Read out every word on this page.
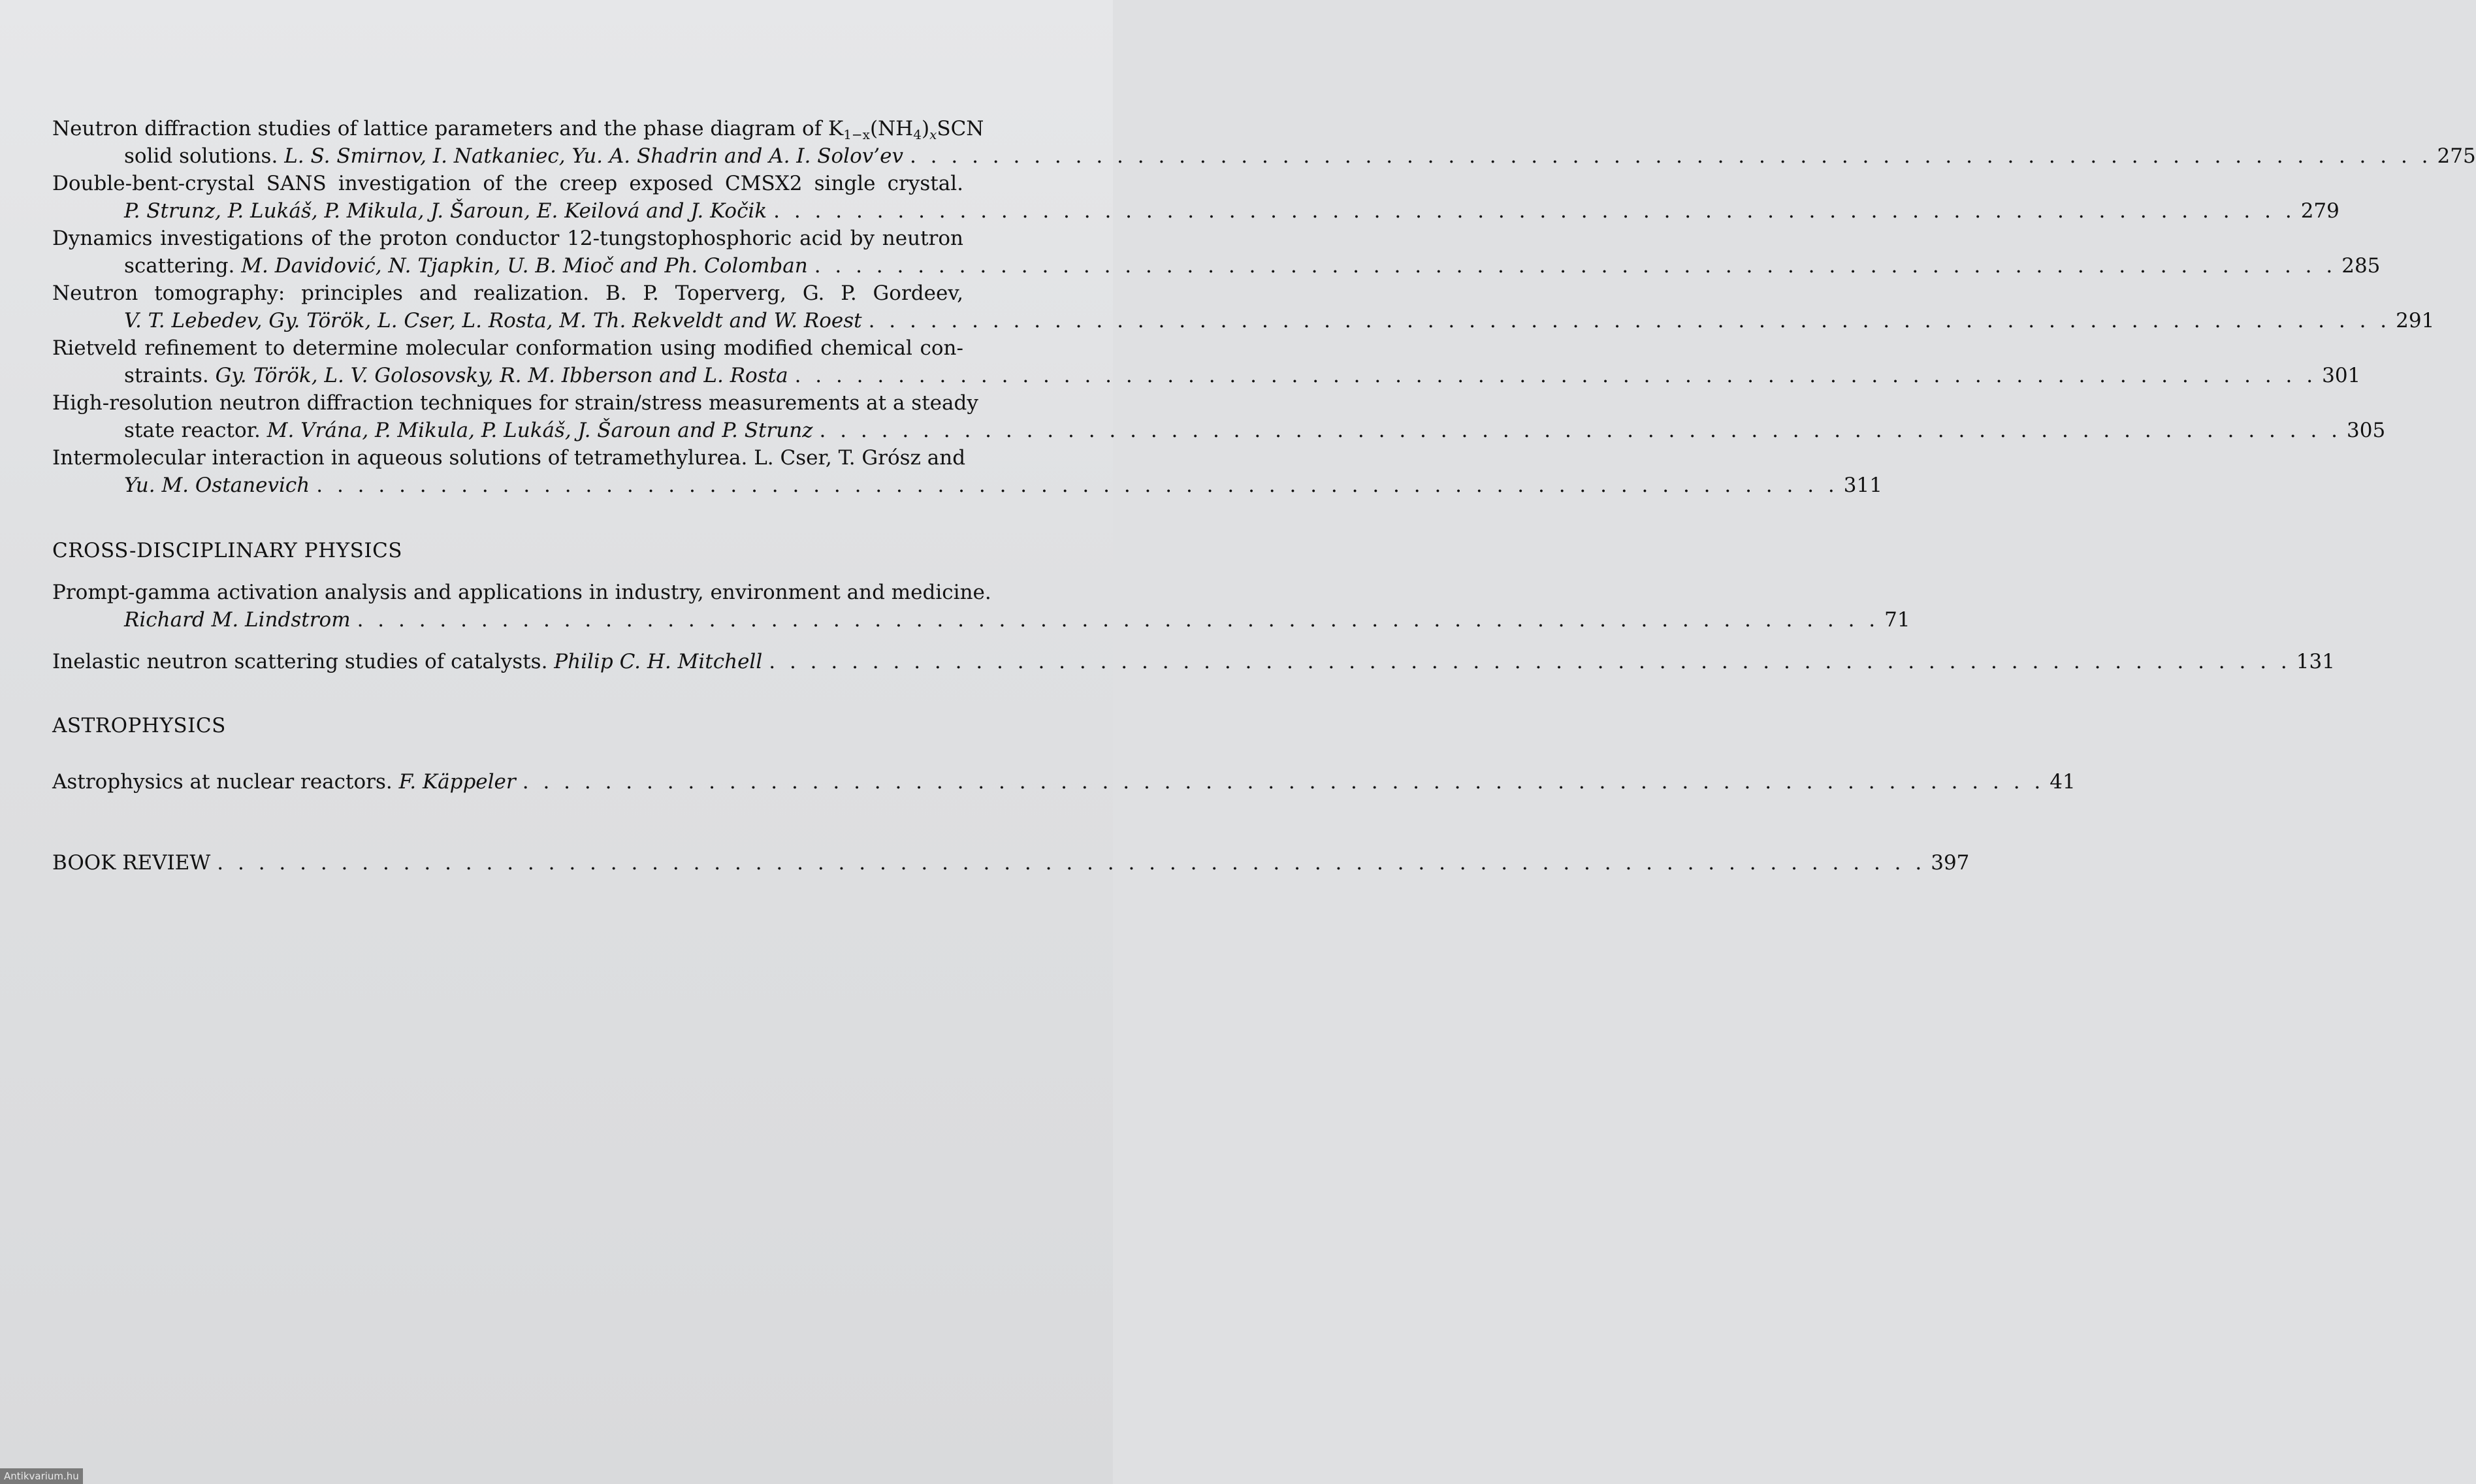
Neutron diffraction studies of lattice parameters and the phase diagram of $K_{1-x}(NH_4)_xSCN$
solid solutions. L. S. Smirnov, I. Natkaniec, Yu. A. Shadrin and A. I. Solov’ev . . . . . . . . . . . . . . . . . . . . . . . . . . . . . . . . . . . . . . . . . . . . . . . . . . . . . . . . . . . . . . . . . . . . . . . . . . 275
Double-bent-crystal SANS investigation of the creep exposed CMSX2 single crystal.
P. Strunz, P. Lukáš, P. Mikula, J. Šaroun, E. Keilová and J. Kočik . . . . . . . . . . . . . . . . . . . . . . . . . . . . . . . . . . . . . . . . . . . . . . . . . . . . . . . . . . . . . . . . . . . . . . . . . . 279
Dynamics investigations of the proton conductor 12-tungstophosphoric acid by neutron
scattering. M. Davidović, N. Tjapkin, U. B. Mioč and Ph. Colomban . . . . . . . . . . . . . . . . . . . . . . . . . . . . . . . . . . . . . . . . . . . . . . . . . . . . . . . . . . . . . . . . . . . . . . . . . . 285
Neutron tomography: principles and realization. B. P. Toperverg, G. P. Gordeev,
V. T. Lebedev, Gy. Török, L. Cser, L. Rosta, M. Th. Rekveldt and W. Roest . . . . . . . . . . . . . . . . . . . . . . . . . . . . . . . . . . . . . . . . . . . . . . . . . . . . . . . . . . . . . . . . . . . . . . . . . . 291
Rietveld refinement to determine molecular conformation using modified chemical con-
straints. Gy. Török, L. V. Golosovsky, R. M. Ibberson and L. Rosta . . . . . . . . . . . . . . . . . . . . . . . . . . . . . . . . . . . . . . . . . . . . . . . . . . . . . . . . . . . . . . . . . . . . . . . . . . 301
High-resolution neutron diffraction techniques for strain/stress measurements at a steady
state reactor. M. Vrána, P. Mikula, P. Lukáš, J. Šaroun and P. Strunz . . . . . . . . . . . . . . . . . . . . . . . . . . . . . . . . . . . . . . . . . . . . . . . . . . . . . . . . . . . . . . . . . . . . . . . . . . 305
Intermolecular interaction in aqueous solutions of tetramethylurea. L. Cser, T. Grósz and
Yu. M. Ostanevich . . . . . . . . . . . . . . . . . . . . . . . . . . . . . . . . . . . . . . . . . . . . . . . . . . . . . . . . . . . . . . . . . . . . . . . . . . 311
CROSS-DISCIPLINARY PHYSICS
Prompt-gamma activation analysis and applications in industry, environment and medicine.
Richard M. Lindstrom . . . . . . . . . . . . . . . . . . . . . . . . . . . . . . . . . . . . . . . . . . . . . . . . . . . . . . . . . . . . . . . . . . . . . . . . . . 71
Inelastic neutron scattering studies of catalysts. Philip C. H. Mitchell . . . . . . . . . . . . . . . . . . . . . . . . . . . . . . . . . . . . . . . . . . . . . . . . . . . . . . . . . . . . . . . . . . . . . . . . . . 131
ASTROPHYSICS
Astrophysics at nuclear reactors. F. Käppeler . . . . . . . . . . . . . . . . . . . . . . . . . . . . . . . . . . . . . . . . . . . . . . . . . . . . . . . . . . . . . . . . . . . . . . . . . . 41
BOOK REVIEW . . . . . . . . . . . . . . . . . . . . . . . . . . . . . . . . . . . . . . . . . . . . . . . . . . . . . . . . . . . . . . . . . . . . . . . . . . . . . . . . . . . 397
Antikvarium.hu
